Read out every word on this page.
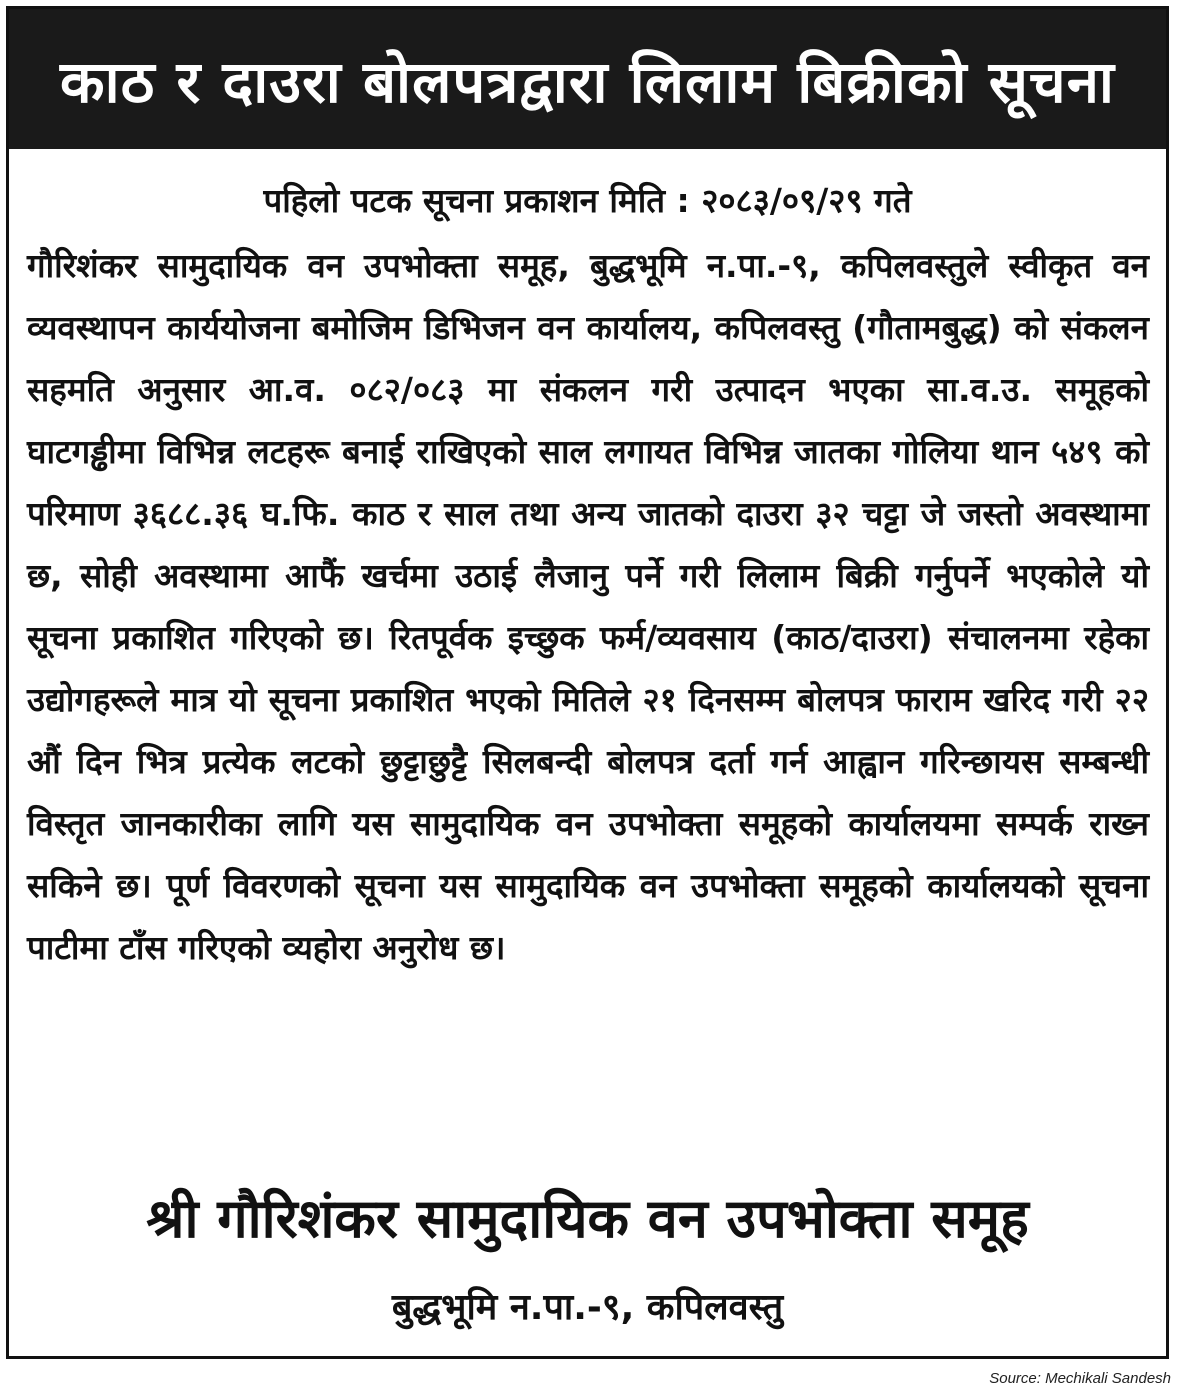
काठ र दाउरा बोलपत्रद्वारा लिलाम बिक्रीको सूचना
पहिलो पटक सूचना प्रकाशन मिति : २०८३/०९/२९ गते
गौरिशंकर सामुदायिक वन उपभोक्ता समूह, बुद्धभूमि न.पा.-९, कपिलवस्तुले स्वीकृत वन व्यवस्थापन कार्ययोजना बमोजिम डिभिजन वन कार्यालय, कपिलवस्तु (गौतामबुद्ध) को संकलन सहमति अनुसार आ.व. ०८२/०८३ मा संकलन गरी उत्पादन भएका सा.व.उ. समूहको घाटगड्ढीमा विभिन्न लटहरू बनाई राखिएको साल लगायत विभिन्न जातका गोलिया थान ५४९ को परिमाण ३६८८.३६ घ.फि. काठ र साल तथा अन्य जातको दाउरा ३२ चट्टा जे जस्तो अवस्थामा छ, सोही अवस्थामा आफैं खर्चमा उठाई लैजानु पर्ने गरी लिलाम बिक्री गर्नुपर्ने भएकोले यो सूचना प्रकाशित गरिएको छ। रितपूर्वक इच्छुक फर्म/व्यवसाय (काठ/दाउरा) संचालनमा रहेका उद्योगहरूले मात्र यो सूचना प्रकाशित भएको मितिले २१ दिनसम्म बोलपत्र फाराम खरिद गरी २२ औं दिन भित्र प्रत्येक लटको छुट्टाछुट्टै सिलबन्दी बोलपत्र दर्ता गर्न आह्वान गरिन्छायस सम्बन्धी विस्तृत जानकारीका लागि यस सामुदायिक वन उपभोक्ता समूहको कार्यालयमा सम्पर्क राख्न सकिने छ। पूर्ण विवरणको सूचना यस सामुदायिक वन उपभोक्ता समूहको कार्यालयको सूचना पाटीमा टाँस गरिएको व्यहोरा अनुरोध छ।
श्री गौरिशंकर सामुदायिक वन उपभोक्ता समूह
बुद्धभूमि न.पा.-९, कपिलवस्तु
Source: Mechikali Sandesh
